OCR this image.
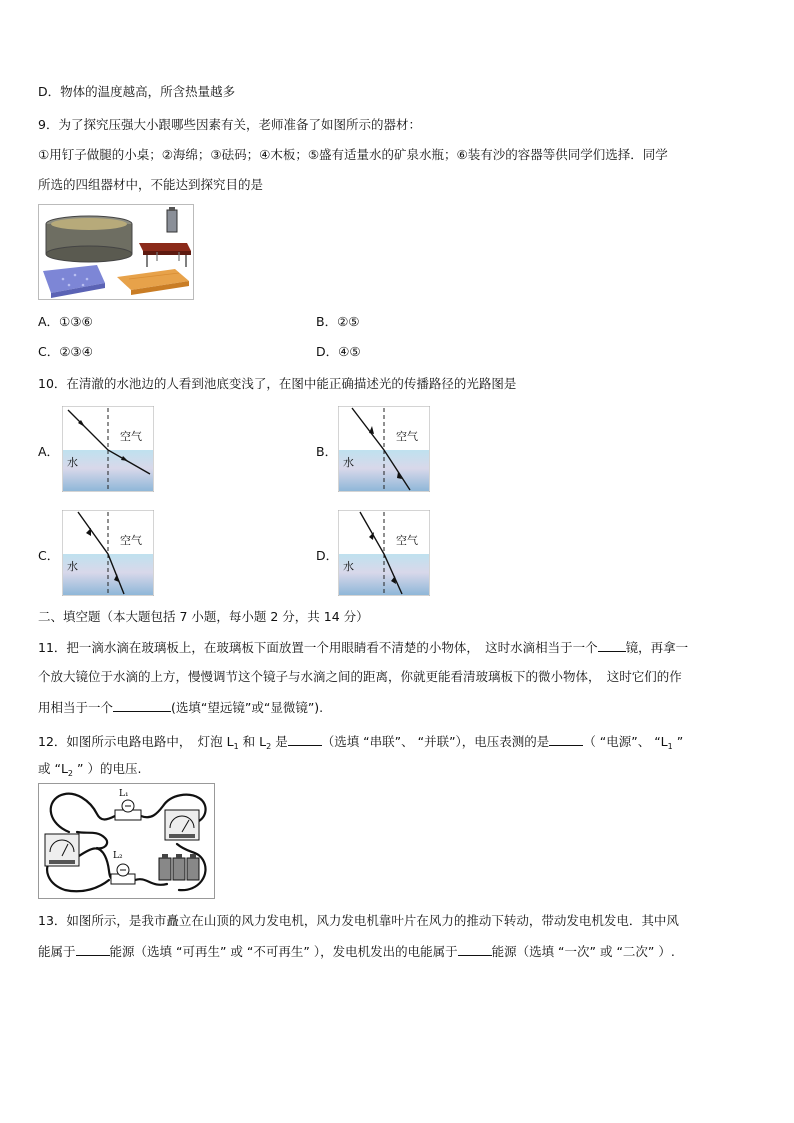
D．物体的温度越高，所含热量越多
9．为了探究压强大小跟哪些因素有关，老师准备了如图所示的器材：
①用钉子做腿的小桌；②海绵；③砝码；④木板；⑤盛有适量水的矿泉水瓶；⑥装有沙的容器等供同学们选择．同学
所选的四组器材中，不能达到探究目的是
A．①③⑥	B．②⑤
C．②③④	D．④⑤
10．在清澈的水池边的人看到池底变浅了，在图中能正确描述光的传播路径的光路图是
A．	B．
C．	D．
空气
水
空气
水
空气
水
空气
水
二、填空题（本大题包括 7 小题，每小题 2 分，共 14 分）
11．把一滴水滴在玻璃板上，在玻璃板下面放置一个用眼睛看不清楚的小物体，　这时水滴相当于一个 镜，再拿一
个放大镜位于水滴的上方，慢慢调节这个镜子与水滴之间的距离，你就更能看清玻璃板下的微小物体，　这时它们的作
用相当于一个	(选填“望远镜”或“显微镜”).
12．如图所示电路电路中，　灯泡 $L_1$ 和 $L_2$ 是	（选填 “串联”、 “并联”），电压表测的是	（ “电源”、 “$L_1$ ”
或 “$L_2$ ” ）的电压.
L₁
L₂
13．如图所示，是我市矗立在山顶的风力发电机，风力发电机靠叶片在风力的推动下转动，带动发电机发电．其中风
能属于	能源（选填 “可再生” 或 “不可再生” ），发电机发出的电能属于	能源（选填 “一次” 或 “二次” ）.
